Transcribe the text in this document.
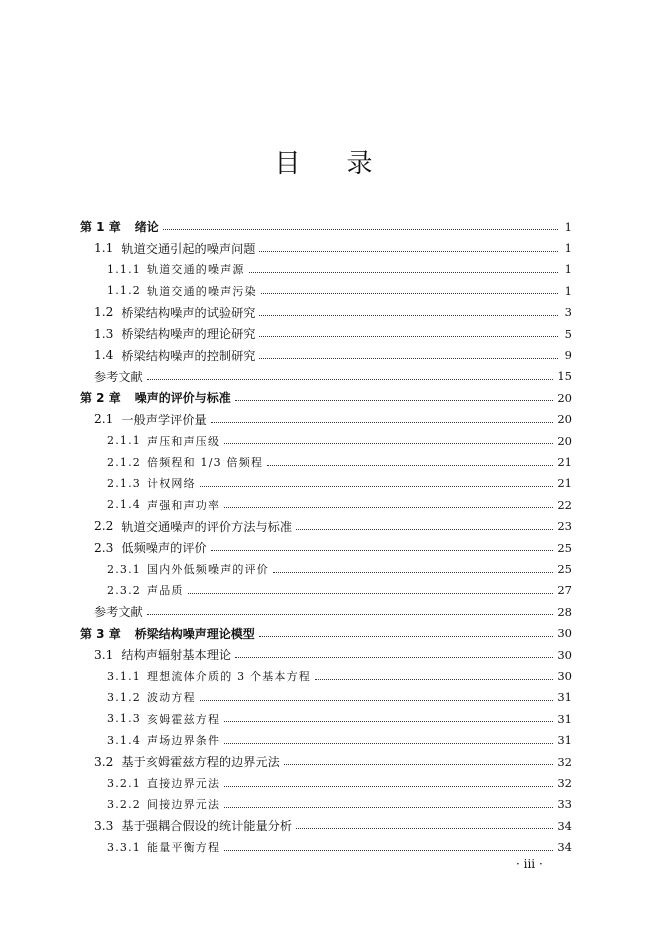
目 录
第 1 章 绪论	1
1.1 轨道交通引起的噪声问题	1
1.1.1 轨道交通的噪声源	1
1.1.2 轨道交通的噪声污染	1
1.2 桥梁结构噪声的试验研究	3
1.3 桥梁结构噪声的理论研究	5
1.4 桥梁结构噪声的控制研究	9
参考文献	15
第 2 章 噪声的评价与标准	20
2.1 一般声学评价量	20
2.1.1 声压和声压级	20
2.1.2 倍频程和 1/3 倍频程	21
2.1.3 计权网络	21
2.1.4 声强和声功率	22
2.2 轨道交通噪声的评价方法与标准	23
2.3 低频噪声的评价	25
2.3.1 国内外低频噪声的评价	25
2.3.2 声品质	27
参考文献	28
第 3 章 桥梁结构噪声理论模型	30
3.1 结构声辐射基本理论	30
3.1.1 理想流体介质的 3 个基本方程	30
3.1.2 波动方程	31
3.1.3 亥姆霍兹方程	31
3.1.4 声场边界条件	31
3.2 基于亥姆霍兹方程的边界元法	32
3.2.1 直接边界元法	32
3.2.2 间接边界元法	33
3.3 基于强耦合假设的统计能量分析	34
3.3.1 能量平衡方程	34
· iii ·
